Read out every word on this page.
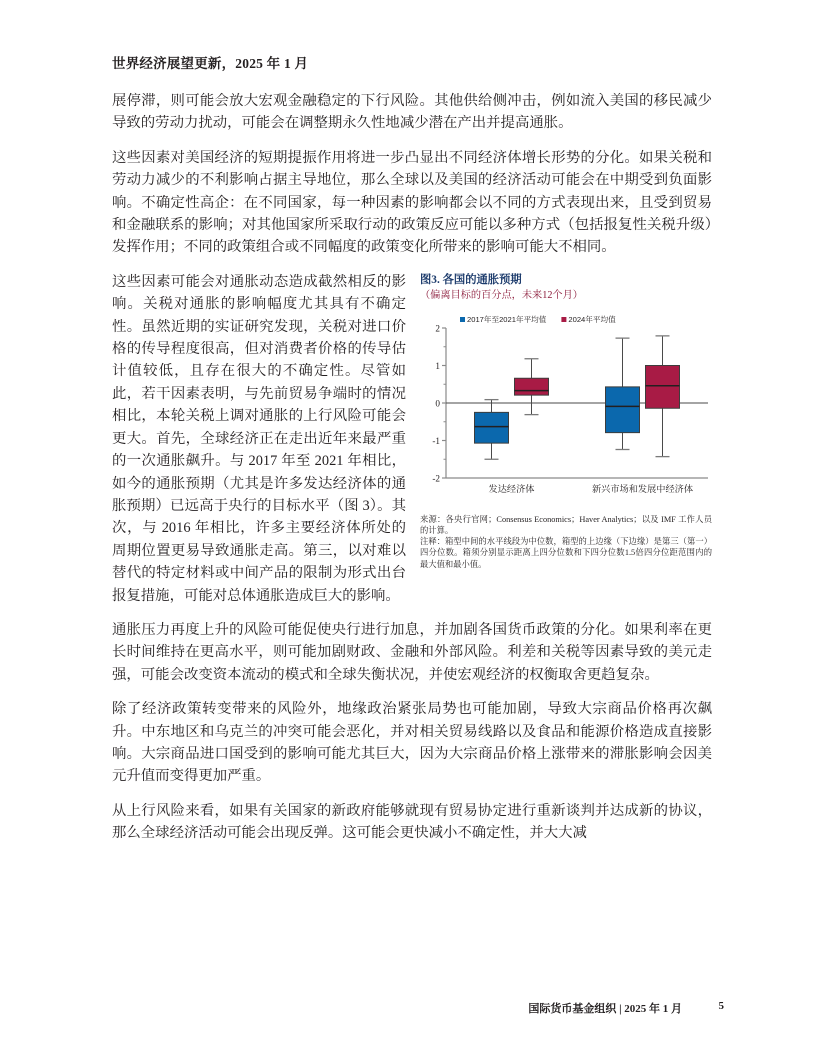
世界经济展望更新，2025 年 1 月

展停滞，则可能会放大宏观金融稳定的下行风险。其他供给侧冲击，例如流入美国的移民减少导致的劳动力扰动，可能会在调整期永久性地减少潜在产出并提高通胀。

这些因素对美国经济的短期提振作用将进一步凸显出不同经济体增长形势的分化。如果关税和劳动力减少的不利影响占据主导地位，那么全球以及美国的经济活动可能会在中期受到负面影响。不确定性高企：在不同国家，每一种因素的影响都会以不同的方式表现出来，且受到贸易和金融联系的影响；对其他国家所采取行动的政策反应可能以多种方式（包括报复性关税升级）发挥作用；不同的政策组合或不同幅度的政策变化所带来的影响可能大不相同。

图3. 各国的通胀预期
（偏离目标的百分点，未来12个月）
2
1
0
-1
-2
发达经济体	新兴市场和发展中经济体
2017年至2021年平均值	2024年平均值

来源：各央行官网；Consensus Economics；Haver Analytics；以及 IMF 工作人员的计算。

注释：箱型中间的水平线段为中位数，箱型的上边缘（下边缘）是第三（第一）四分位数。箱须分别显示距离上四分位数和下四分位数1.5倍四分位距范围内的最大值和最小值。

这些因素可能会对通胀动态造成截然相反的影响。关税对通胀的影响幅度尤其具有不确定性。虽然近期的实证研究发现，关税对进口价格的传导程度很高，但对消费者价格的传导估计值较低，且存在很大的不确定性。尽管如此，若干因素表明，与先前贸易争端时的情况相比，本轮关税上调对通胀的上行风险可能会更大。首先，全球经济正在走出近年来最严重的一次通胀飙升。与 2017 年至 2021 年相比，如今的通胀预期（尤其是许多发达经济体的通胀预期）已远高于央行的目标水平（图 3）。其次，与 2016 年相比，许多主要经济体所处的周期位置更易导致通胀走高。第三，以对难以替代的特定材料或中间产品的限制为形式出台报复措施，可能对总体通胀造成巨大的影响。

通胀压力再度上升的风险可能促使央行进行加息，并加剧各国货币政策的分化。如果利率在更长时间维持在更高水平，则可能加剧财政、金融和外部风险。利差和关税等因素导致的美元走强，可能会改变资本流动的模式和全球失衡状况，并使宏观经济的权衡取舍更趋复杂。

除了经济政策转变带来的风险外，地缘政治紧张局势也可能加剧，导致大宗商品价格再次飙升。中东地区和乌克兰的冲突可能会恶化，并对相关贸易线路以及食品和能源价格造成直接影响。大宗商品进口国受到的影响可能尤其巨大，因为大宗商品价格上涨带来的滞胀影响会因美元升值而变得更加严重。

从上行风险来看，如果有关国家的新政府能够就现有贸易协定进行重新谈判并达成新的协议，那么全球经济活动可能会出现反弹。这可能会更快减小不确定性，并大大减

国际货币基金组织 | 2025 年 1 月	5
